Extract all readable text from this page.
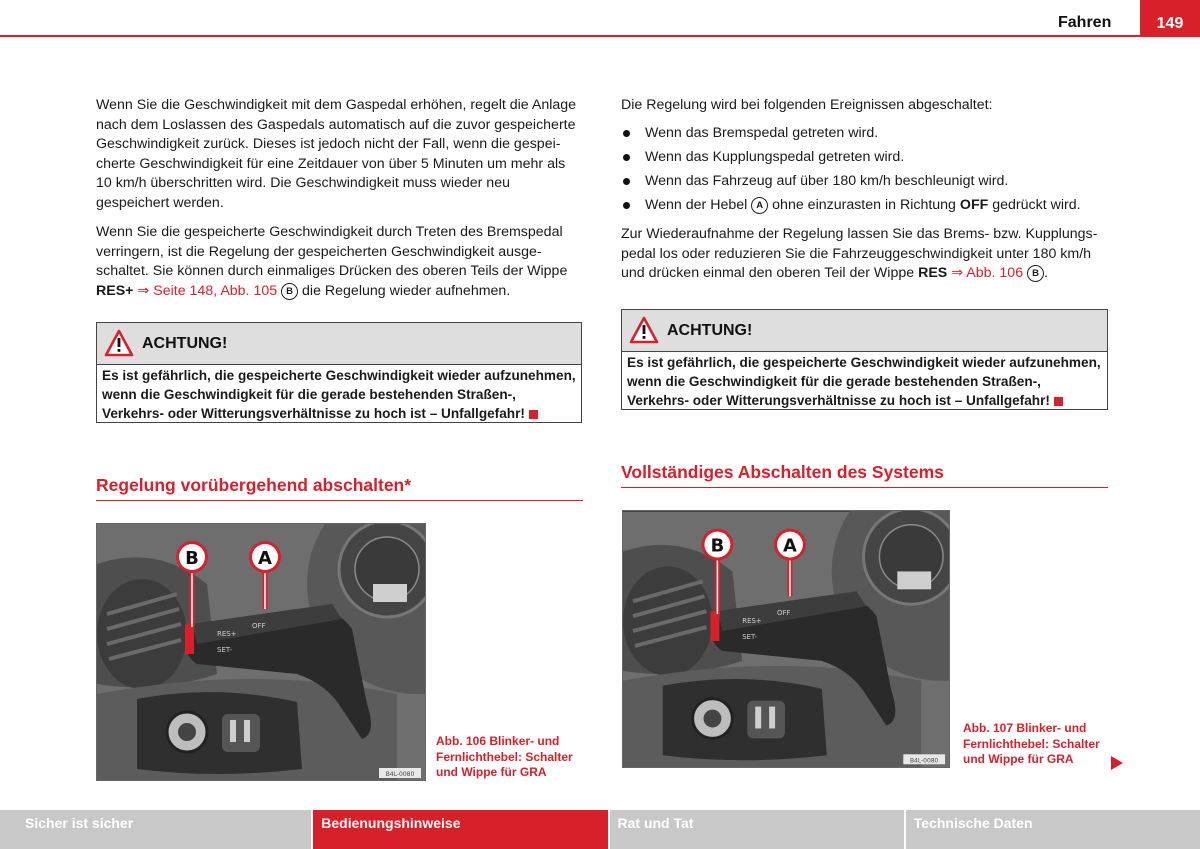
Fahren	149

Wenn Sie die Geschwindigkeit mit dem Gaspedal erhöhen, regelt die Anlage nach dem Loslassen des Gaspedals automatisch auf die zuvor gespeicherte Geschwindigkeit zurück. Dieses ist jedoch nicht der Fall, wenn die gespei- cherte Geschwindigkeit für eine Zeitdauer von über 5 Minuten um mehr als 10 km/h überschritten wird. Die Geschwindigkeit muss wieder neu gespeichert werden.

Wenn Sie die gespeicherte Geschwindigkeit durch Treten des Bremspedal verringern, ist die Regelung der gespeicherten Geschwindigkeit ausge- schaltet. Sie können durch einmaliges Drücken des oberen Teils der Wippe RES+ ⇒ Seite 148, Abb. 105 B die Regelung wieder aufnehmen.

ACHTUNG!
Es ist gefährlich, die gespeicherte Geschwindigkeit wieder aufzunehmen, wenn die Geschwindigkeit für die gerade bestehenden Straßen-, Verkehrs- oder Witterungsverhältnisse zu hoch ist – Unfallgefahr!
Regelung vorübergehend abschalten*
RES+
OFF
SET-
B	A
B4L-0080
Abb. 106 Blinker- und Fernlichthebel: Schalter und Wippe für GRA

Die Regelung wird bei folgenden Ereignissen abgeschaltet:

Wenn das Bremspedal getreten wird.
Wenn das Kupplungspedal getreten wird.
Wenn das Fahrzeug auf über 180 km/h beschleunigt wird.
Wenn der Hebel A ohne einzurasten in Richtung OFF gedrückt wird.

Zur Wiederaufnahme der Regelung lassen Sie das Brems- bzw. Kupplungs- pedal los oder reduzieren Sie die Fahrzeuggeschwindigkeit unter 180 km/h und drücken einmal den oberen Teil der Wippe RES ⇒ Abb. 106 B .

ACHTUNG!
Es ist gefährlich, die gespeicherte Geschwindigkeit wieder aufzunehmen, wenn die Geschwindigkeit für die gerade bestehenden Straßen-, Verkehrs- oder Witterungsverhältnisse zu hoch ist – Unfallgefahr!
Vollständiges Abschalten des Systems
RES+
OFF
SET-
B	A
B4L-0080
Abb. 107 Blinker- und Fernlichthebel: Schalter und Wippe für GRA
Sicher ist sicher	Bedienungshinweise	Rat und Tat	Technische Daten
